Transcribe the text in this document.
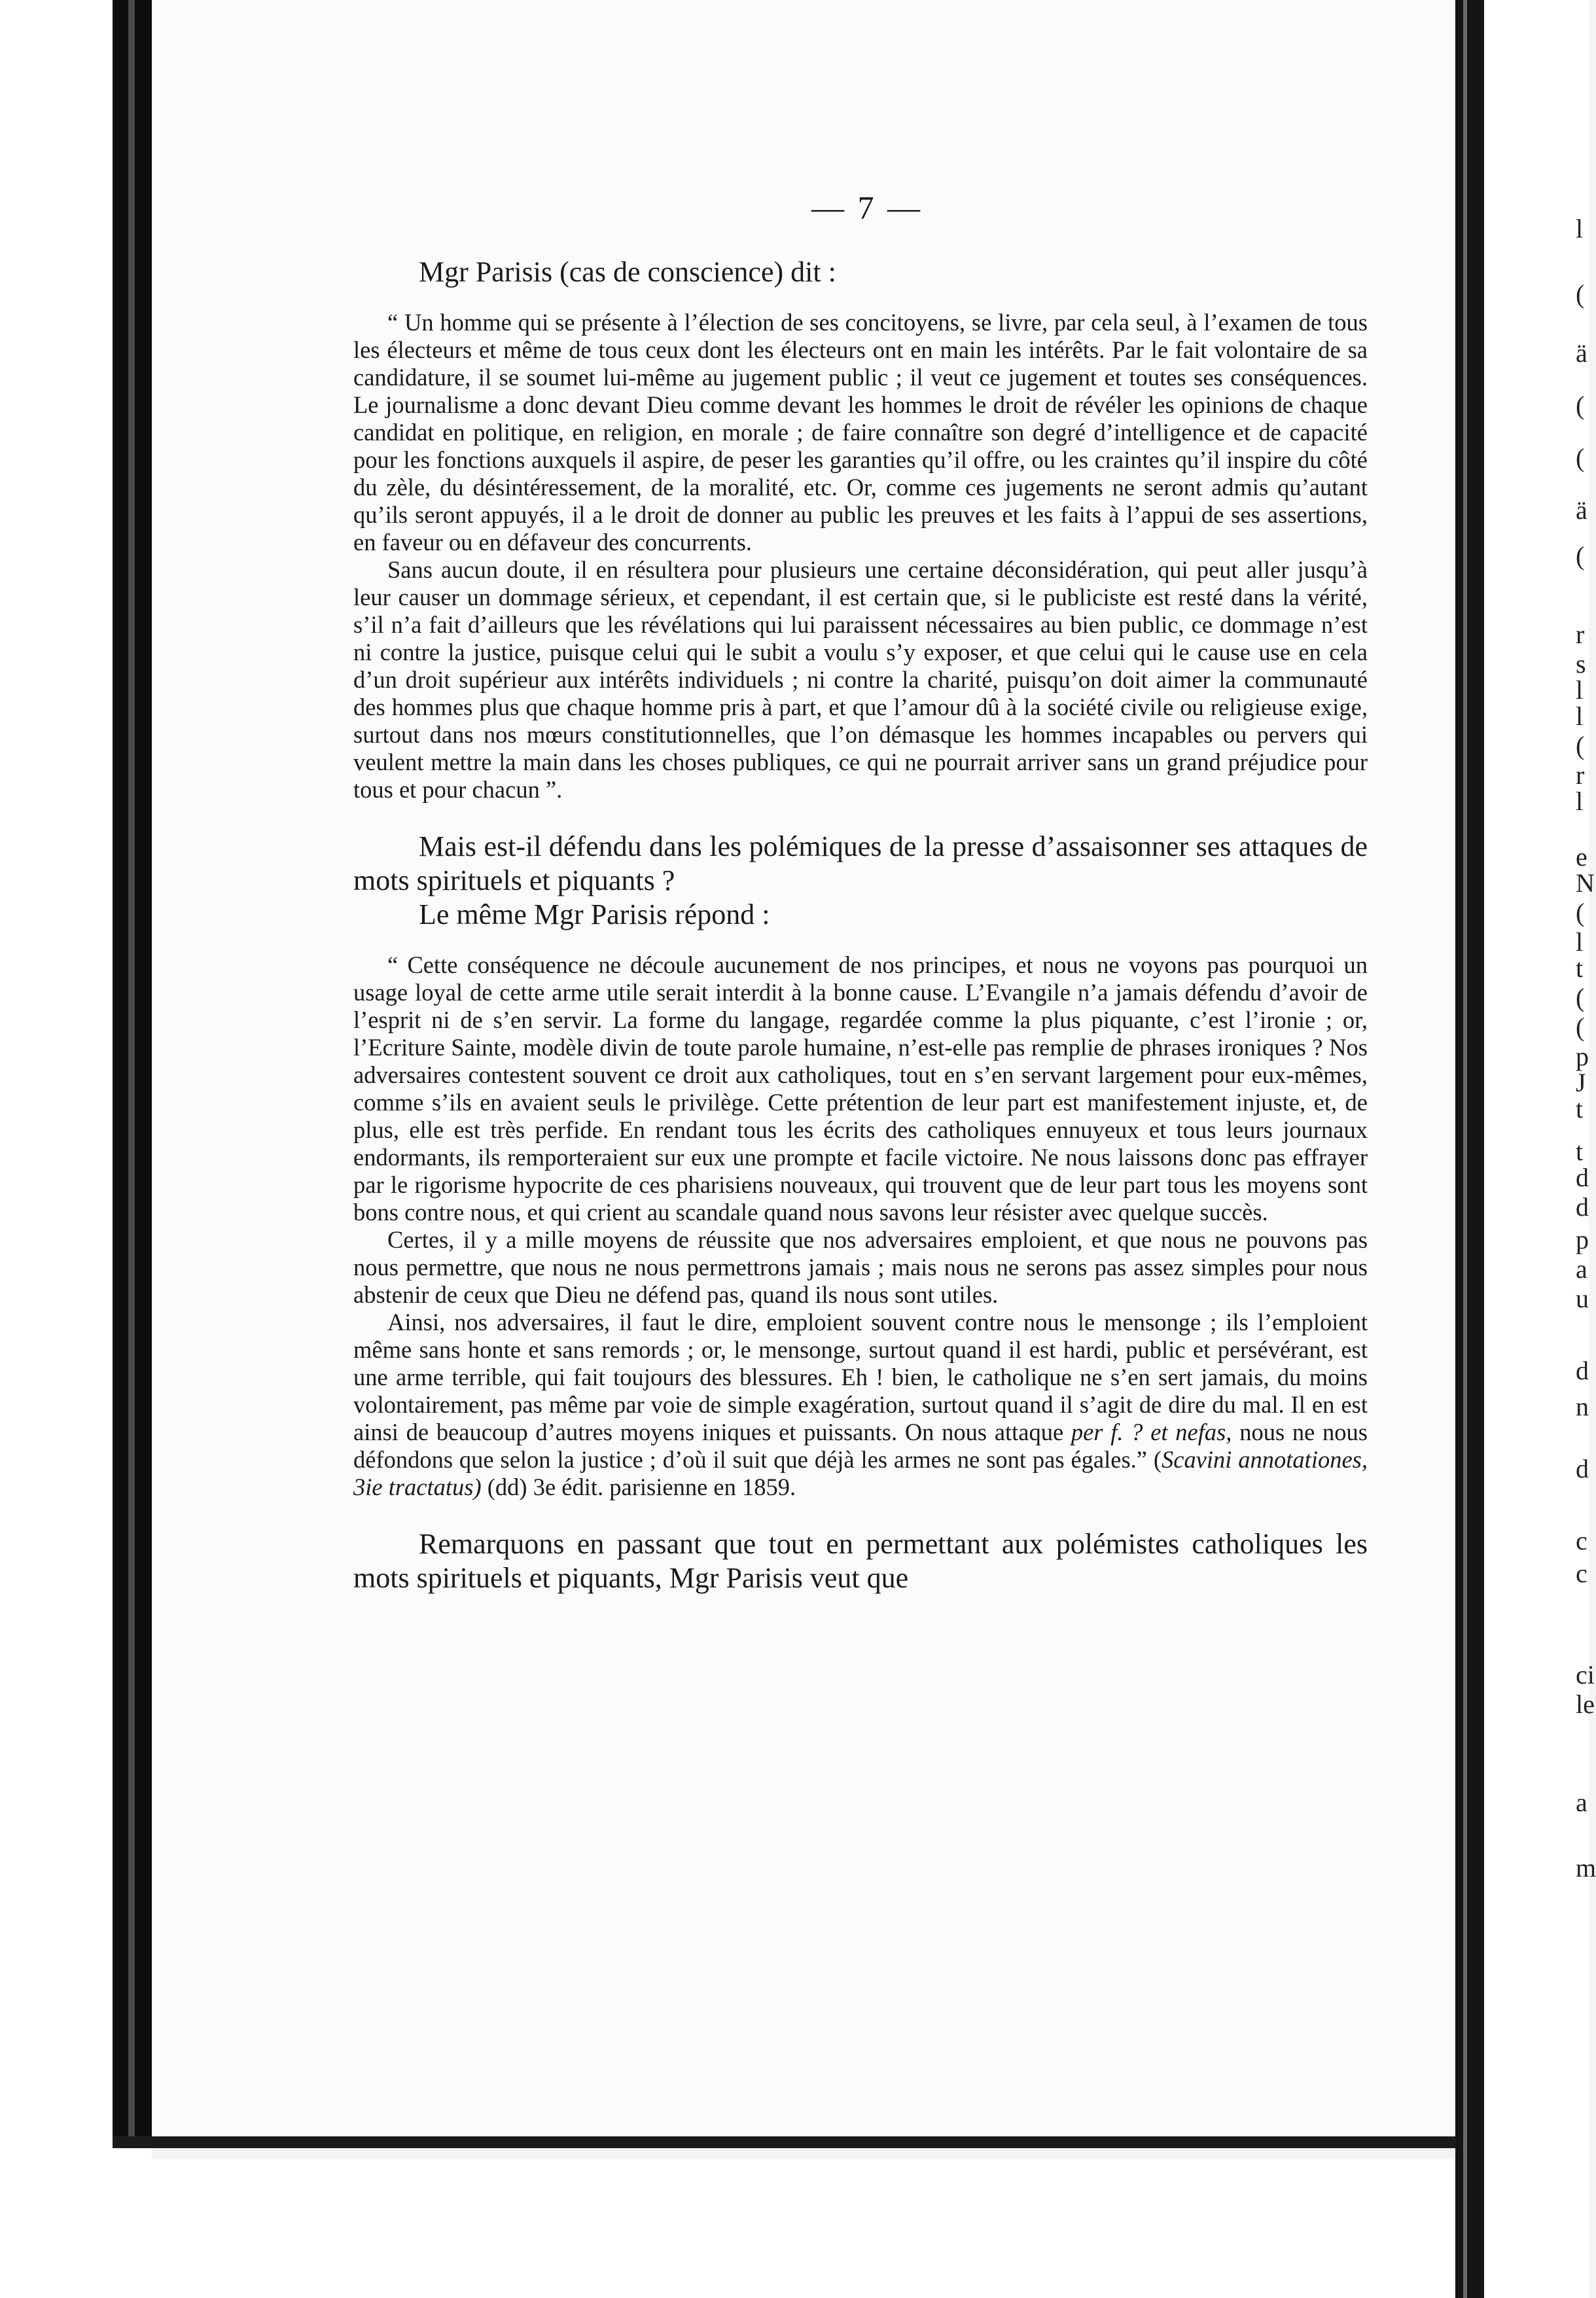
l
(
ä
(
(
ä
(
r
s
l
l
(
r
l
e
N
(
l
t
(
(
p
J
t
t
d
d
p
a
u
d
n
d
c
c
ci
le
a
m
— 7 —

Mgr Parisis (cas de conscience) dit :

“ Un homme qui se présente à l’élection de ses concitoyens, se livre, par cela seul, à l’examen de tous les électeurs et même de tous ceux dont les électeurs ont en main les intérêts. Par le fait volontaire de sa candidature, il se soumet lui-même au jugement public ; il veut ce jugement et toutes ses conséquences. Le journalisme a donc devant Dieu comme devant les hommes le droit de révéler les opinions de chaque candidat en politique, en religion, en morale ; de faire connaître son degré d’intelligence et de capacité pour les fonctions auxquels il aspire, de peser les garanties qu’il offre, ou les craintes qu’il inspire du côté du zèle, du désintéressement, de la moralité, etc. Or, comme ces jugements ne seront admis qu’autant qu’ils seront appuyés, il a le droit de donner au public les preuves et les faits à l’appui de ses assertions, en faveur ou en défaveur des concurrents.

Sans aucun doute, il en résultera pour plusieurs une certaine déconsidération, qui peut aller jusqu’à leur causer un dommage sérieux, et cependant, il est certain que, si le publiciste est resté dans la vérité, s’il n’a fait d’ailleurs que les révélations qui lui paraissent nécessaires au bien public, ce dommage n’est ni contre la justice, puisque celui qui le subit a voulu s’y exposer, et que celui qui le cause use en cela d’un droit supérieur aux intérêts individuels ; ni contre la charité, puisqu’on doit aimer la communauté des hommes plus que chaque homme pris à part, et que l’amour dû à la société civile ou religieuse exige, surtout dans nos mœurs constitutionnelles, que l’on démasque les hommes incapables ou pervers qui veulent mettre la main dans les choses publiques, ce qui ne pourrait arriver sans un grand préjudice pour tous et pour chacun ”.

Mais est-il défendu dans les polémiques de la presse d’assaisonner ses attaques de mots spirituels et piquants ?

Le même Mgr Parisis répond :

“ Cette conséquence ne découle aucunement de nos principes, et nous ne voyons pas pourquoi un usage loyal de cette arme utile serait interdit à la bonne cause. L’Evangile n’a jamais défendu d’avoir de l’esprit ni de s’en servir. La forme du langage, regardée comme la plus piquante, c’est l’ironie ; or, l’Ecriture Sainte, modèle divin de toute parole humaine, n’est-elle pas remplie de phrases ironiques ? Nos adversaires contestent souvent ce droit aux catholiques, tout en s’en servant largement pour eux-mêmes, comme s’ils en avaient seuls le privilège. Cette prétention de leur part est manifestement injuste, et, de plus, elle est très perfide. En rendant tous les écrits des catholiques ennuyeux et tous leurs journaux endormants, ils remporteraient sur eux une prompte et facile victoire. Ne nous laissons donc pas effrayer par le rigorisme hypocrite de ces pharisiens nouveaux, qui trouvent que de leur part tous les moyens sont bons contre nous, et qui crient au scandale quand nous savons leur résister avec quelque succès.

Certes, il y a mille moyens de réussite que nos adversaires emploient, et que nous ne pouvons pas nous permettre, que nous ne nous permettrons jamais ; mais nous ne serons pas assez simples pour nous abstenir de ceux que Dieu ne défend pas, quand ils nous sont utiles.

Ainsi, nos adversaires, il faut le dire, emploient souvent contre nous le mensonge ; ils l’emploient même sans honte et sans remords ; or, le mensonge, surtout quand il est hardi, public et persévérant, est une arme terrible, qui fait toujours des blessures. Eh ! bien, le catholique ne s’en sert jamais, du moins volontairement, pas même par voie de simple exagération, surtout quand il s’agit de dire du mal. Il en est ainsi de beaucoup d’autres moyens iniques et puissants. On nous attaque per f. ? et nefas, nous ne nous défondons que selon la justice ; d’où il suit que déjà les armes ne sont pas égales.” (Scavini annotationes, 3ie tractatus) (dd) 3e édit. parisienne en 1859.

Remarquons en passant que tout en permettant aux polémistes catholiques les mots spirituels et piquants, Mgr Parisis veut que
